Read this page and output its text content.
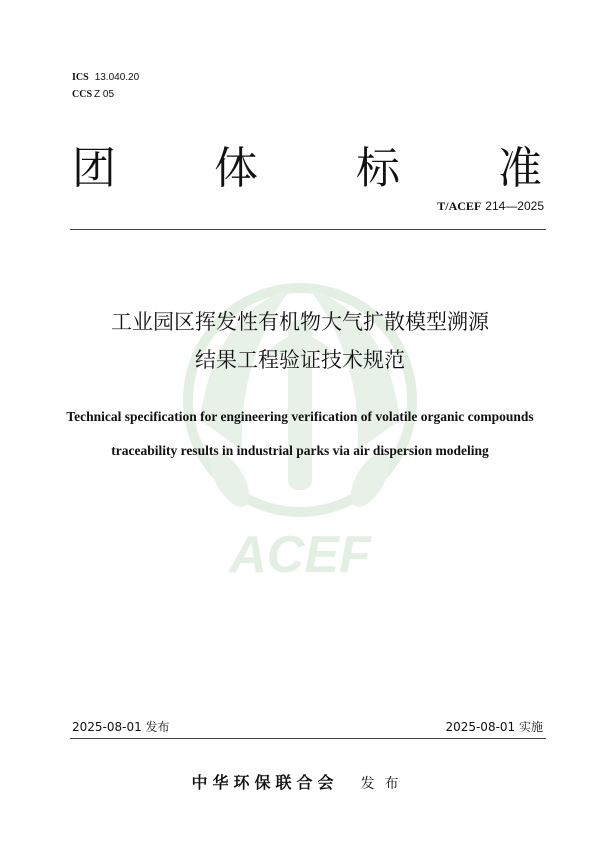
ICS 13.040.20
CCS Z 05
团 体 标 准
T/ACEF 214—2025
ACEF
工业园区挥发性有机物大气扩散模型溯源
结果工程验证技术规范
Technical specification for engineering verification of volatile organic compounds
traceability results in industrial parks via air dispersion modeling
2025-08-01 发布	2025-08-01 实施
中华环保联合会 发布
